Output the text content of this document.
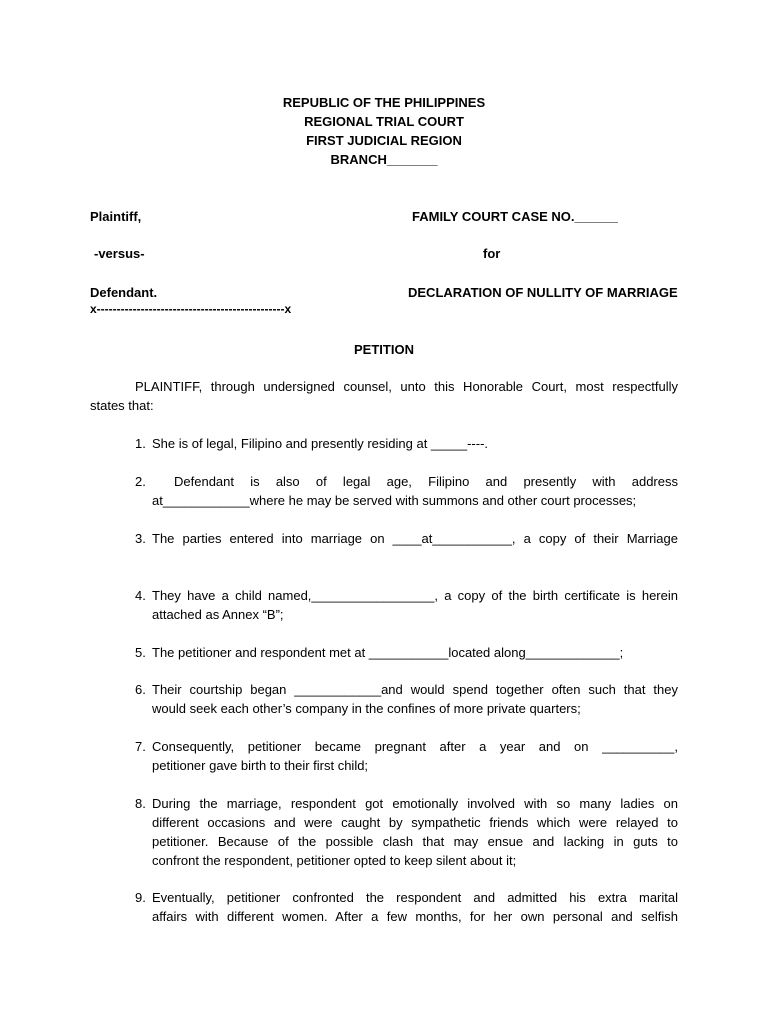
REPUBLIC OF THE PHILIPPINES
REGIONAL TRIAL COURT
FIRST JUDICIAL REGION
BRANCH_______
Plaintiff,	FAMILY COURT CASE NO.______
-versus-	for
Defendant.	DECLARATION OF NULLITY OF MARRIAGE
x-----------------------------------------------x
PETITION
PLAINTIFF, through undersigned counsel, unto this Honorable Court, most respectfully
states that:
1. She is of legal, Filipino and presently residing at _____----.
2. Defendant is also of legal age, Filipino and presently with address
at____________where he may be served with summons and other court processes;
3. The parties entered into marriage on ____at___________, a copy of their Marriage
4. They have a child named,_________________, a copy of the birth certificate is herein
attached as Annex “B”;
5. The petitioner and respondent met at ___________located along_____________;
6. Their courtship began ____________and would spend together often such that they
would seek each other’s company in the confines of more private quarters;
7. Consequently, petitioner became pregnant after a year and on __________,
petitioner gave birth to their first child;
8. During the marriage, respondent got emotionally involved with so many ladies on
different occasions and were caught by sympathetic friends which were relayed to
petitioner. Because of the possible clash that may ensue and lacking in guts to
confront the respondent, petitioner opted to keep silent about it;
9. Eventually, petitioner confronted the respondent and admitted his extra marital
affairs with different women. After a few months, for her own personal and selfish
